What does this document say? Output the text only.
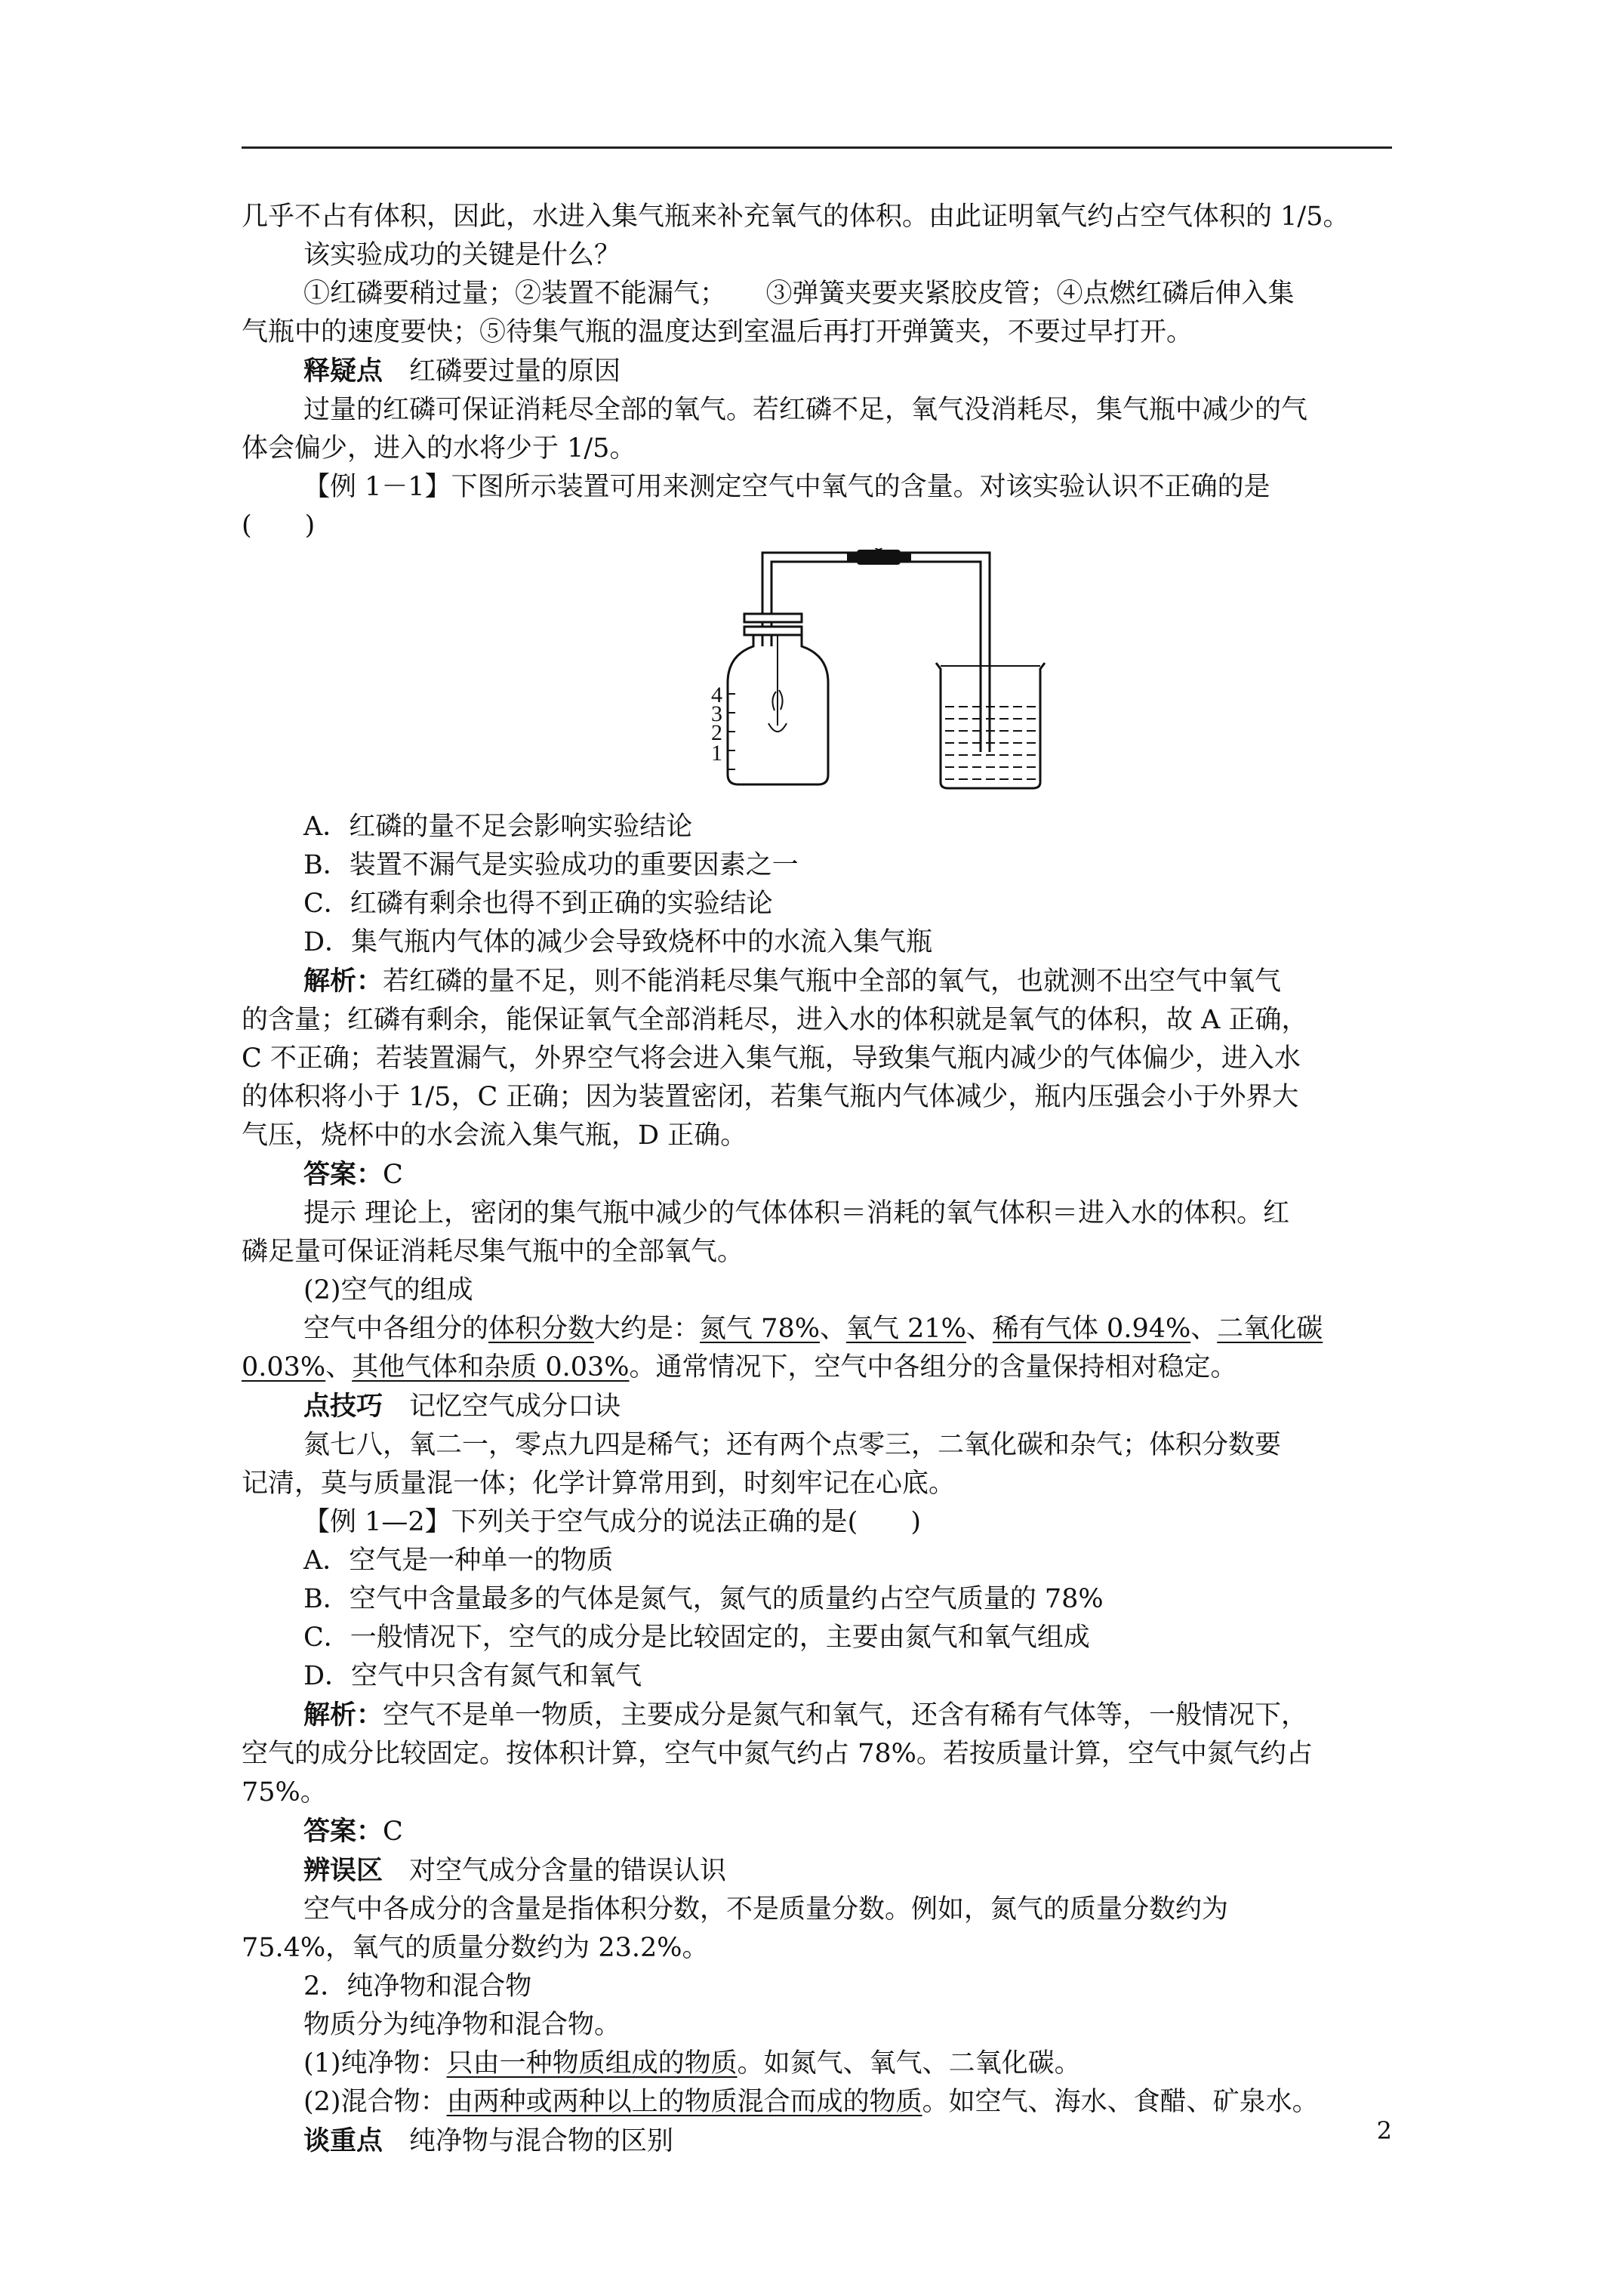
几乎不占有体积，因此，水进入集气瓶来补充氧气的体积。由此证明氧气约占空气体积的 1/5。

该实验成功的关键是什么？

①红磷要稍过量；②装置不能漏气；　　③弹簧夹要夹紧胶皮管；④点燃红磷后伸入集

气瓶中的速度要快；⑤待集气瓶的温度达到室温后再打开弹簧夹，不要过早打开。

释疑点　 红磷要过量的原因

过量的红磷可保证消耗尽全部的氧气。若红磷不足，氧气没消耗尽，集气瓶中减少的气

体会偏少，进入的水将少于 1/5。

【例 1－1】下图所示装置可用来测定空气中氧气的含量。对该实验认识不正确的是

(　　)

4
3
2
1

A．红磷的量不足会影响实验结论

B．装置不漏气是实验成功的重要因素之一

C．红磷有剩余也得不到正确的实验结论

D．集气瓶内气体的减少会导致烧杯中的水流入集气瓶

解析：若红磷的量不足，则不能消耗尽集气瓶中全部的氧气，也就测不出空气中氧气

的含量；红磷有剩余，能保证氧气全部消耗尽，进入水的体积就是氧气的体积，故 A 正确，

C 不正确；若装置漏气，外界空气将会进入集气瓶，导致集气瓶内减少的气体偏少，进入水

的体积将小于 1/5，C 正确；因为装置密闭，若集气瓶内气体减少，瓶内压强会小于外界大

气压，烧杯中的水会流入集气瓶，D 正确。

答案：C

提示 理论上，密闭的集气瓶中减少的气体体积＝消耗的氧气体积＝进入水的体积。红

磷足量可保证消耗尽集气瓶中的全部氧气。

(2)空气的组成

空气中各组分的体积分数大约是：氮气 78%、氧气 21%、稀有气体 0.94%、二氧化碳

0.03%、其他气体和杂质 0.03%。通常情况下，空气中各组分的含量保持相对稳定。

点技巧　 记忆空气成分口诀

氮七八，氧二一，零点九四是稀气；还有两个点零三，二氧化碳和杂气；体积分数要

记清，莫与质量混一体；化学计算常用到，时刻牢记在心底。

【例 1—2】下列关于空气成分的说法正确的是(　　)

A．空气是一种单一的物质

B．空气中含量最多的气体是氮气，氮气的质量约占空气质量的 78%

C．一般情况下，空气的成分是比较固定的，主要由氮气和氧气组成

D．空气中只含有氮气和氧气

解析：空气不是单一物质，主要成分是氮气和氧气，还含有稀有气体等，一般情况下，

空气的成分比较固定。按体积计算，空气中氮气约占 78%。若按质量计算，空气中氮气约占

75%。

答案：C

辨误区　 对空气成分含量的错误认识

空气中各成分的含量是指体积分数，不是质量分数。例如，氮气的质量分数约为

75.4%，氧气的质量分数约为 23.2%。

2．纯净物和混合物

物质分为纯净物和混合物。

(1)纯净物：只由一种物质组成的物质。如氮气、氧气、二氧化碳。

(2)混合物：由两种或两种以上的物质混合而成的物质。如空气、海水、食醋、矿泉水。

谈重点　 纯净物与混合物的区别	2
